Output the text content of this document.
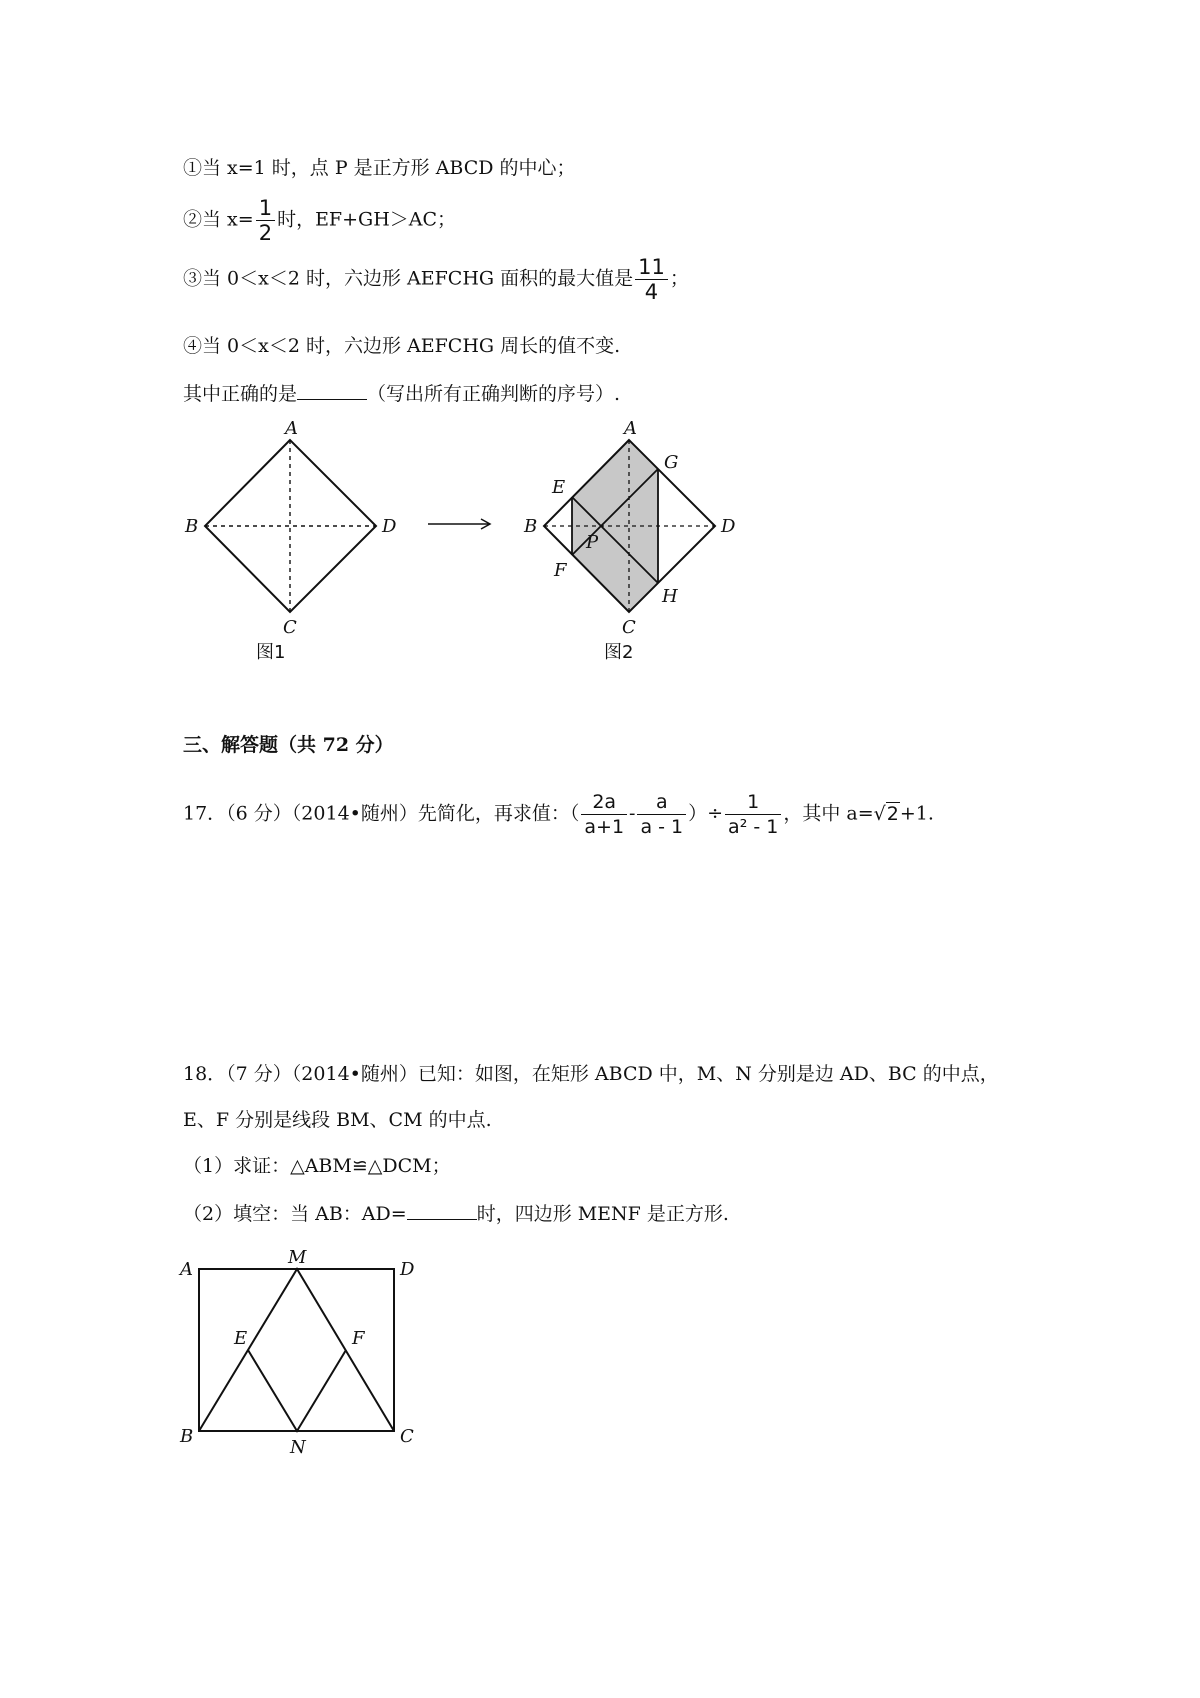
①当 x=1 时，点 P 是正方形 ABCD 的中心；
②当 $x= \frac{1}{2}$ 时，EF+GH＞AC；
③当 0＜x＜2 时，六边形 AEFCHG 面积的最大值是 $\frac{11}{4}$ ；
④当 0＜x＜2 时，六边形 AEFCHG 周长的值不变.
其中正确的是	（写出所有正确判断的序号）.
A
B
C
D
图1
A
B
C
D
E
F
G
H
P
图2
三、解答题（共 72 分）
17．（6 分）（2014•随州）先简化，再求值：（ $\frac{2a}{a+1} - \frac{a}{a - 1}$ ）÷ $\frac{1}{\text{a² - 1}}$ ，其中 a=√2+1.
18．（7 分）（2014•随州）已知：如图，在矩形 ABCD 中，M、N 分别是边 AD、BC 的中点，
E、F 分别是线段 BM、CM 的中点.
（1）求证：△ABM≌△DCM；
（2）填空：当 AB：AD=	时，四边形 MENF 是正方形.
A
M
D
E	F
B
N
C
